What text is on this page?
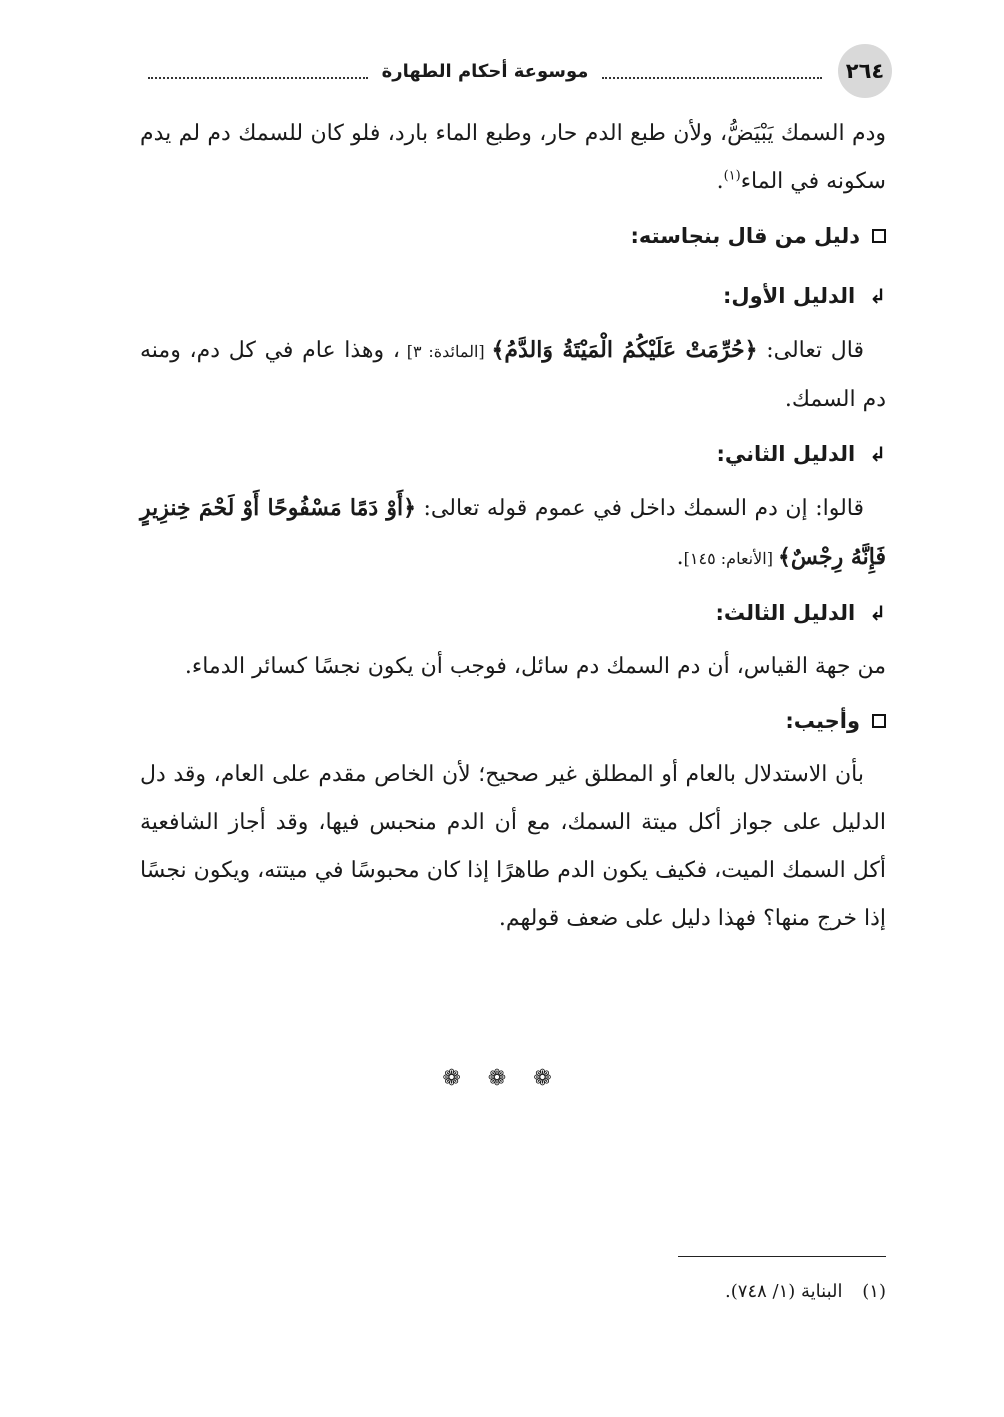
٢٦٤
موسوعة أحكام الطهارة

ودم السمك يَبْيَضُّ، ولأن طبع الدم حار، وطبع الماء بارد، فلو كان للسمك دم لم يدم سكونه في الماء$^{(١)}$.

دليل من قال بنجاسته:
↲
الدليل الأول:

قال تعالى: ﴿حُرِّمَتْ عَلَيْكُمُ الْمَيْتَةُ وَالدَّمُ﴾ [المائدة: ٣] ، وهذا عام في كل دم، ومنه دم السمك.

↲
الدليل الثاني:

قالوا: إن دم السمك داخل في عموم قوله تعالى: ﴿أَوْ دَمًا مَسْفُوحًا أَوْ لَحْمَ خِنزِيرٍ فَإِنَّهُ رِجْسٌ﴾ [الأنعام: ١٤٥].

↲
الدليل الثالث:

من جهة القياس، أن دم السمك دم سائل، فوجب أن يكون نجسًا كسائر الدماء.

وأجيب:

بأن الاستدلال بالعام أو المطلق غير صحيح؛ لأن الخاص مقدم على العام، وقد دل الدليل على جواز أكل ميتة السمك، مع أن الدم منحبس فيها، وقد أجاز الشافعية أكل السمك الميت، فكيف يكون الدم طاهرًا إذا كان محبوسًا في ميتته، ويكون نجسًا إذا خرج منها؟ فهذا دليل على ضعف قولهم.

❁ ❁ ❁
(١) البناية (١/ ٧٤٨).
